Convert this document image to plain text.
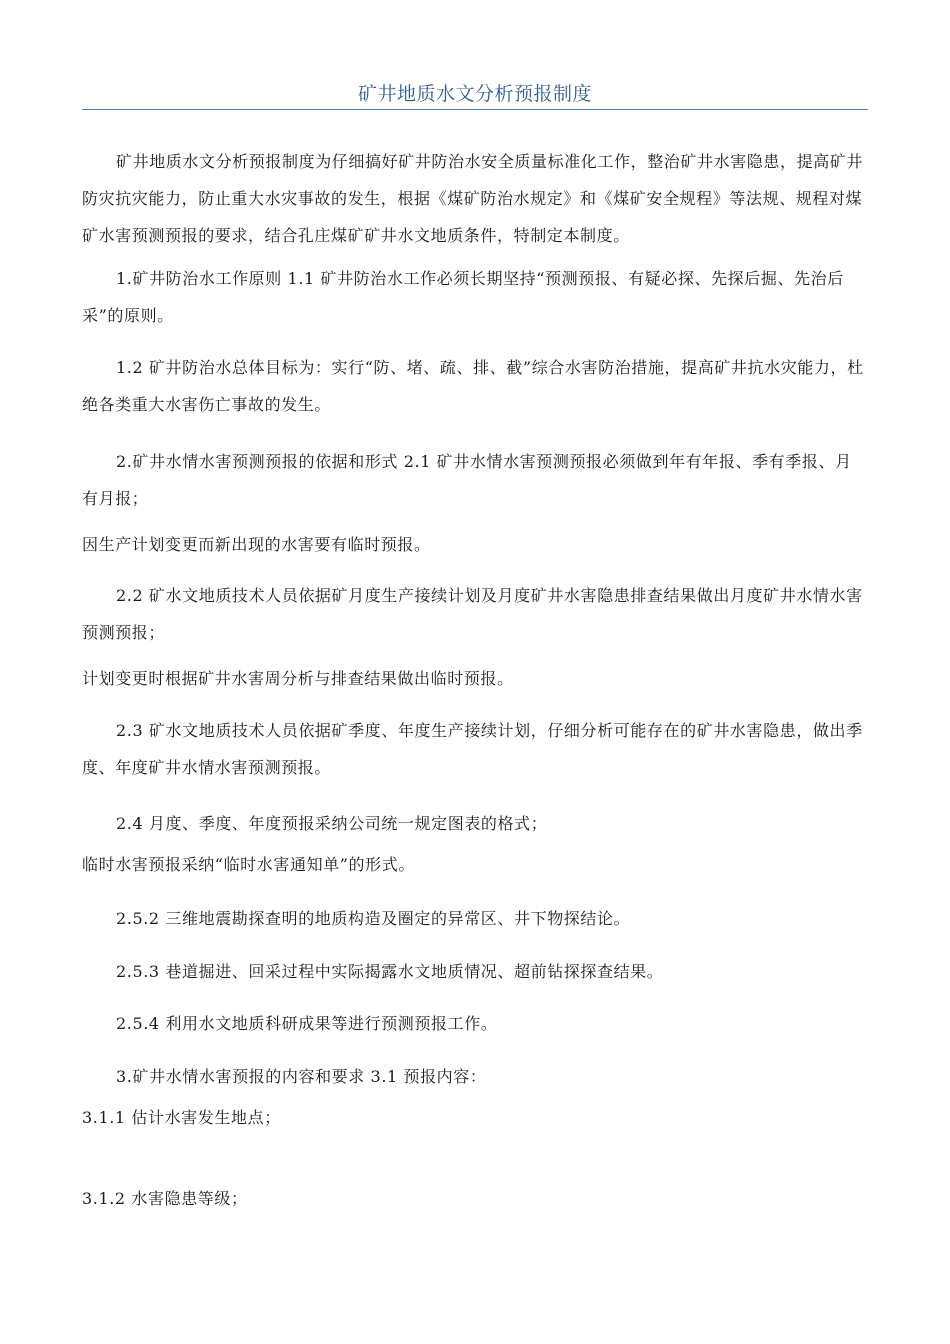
矿井地质水文分析预报制度

矿井地质水文分析预报制度为仔细搞好矿井防治水安全质量标准化工作，整治矿井水害隐患，提高矿井防灾抗灾能力，防止重大水灾事故的发生，根据《煤矿防治水规定》和《煤矿安全规程》等法规、规程对煤矿水害预测预报的要求，结合孔庄煤矿矿井水文地质条件，特制定本制度。

1.矿井防治水工作原则 1.1 矿井防治水工作必须长期坚持“预测预报、有疑必探、先探后掘、先治后采”的原则。

1.2 矿井防治水总体目标为：实行“防、堵、疏、排、截”综合水害防治措施，提高矿井抗水灾能力，杜绝各类重大水害伤亡事故的发生。

2.矿井水情水害预测预报的依据和形式 2.1 矿井水情水害预测预报必须做到年有年报、季有季报、月有月报；

因生产计划变更而新出现的水害要有临时预报。

2.2 矿水文地质技术人员依据矿月度生产接续计划及月度矿井水害隐患排查结果做出月度矿井水情水害预测预报；

计划变更时根据矿井水害周分析与排查结果做出临时预报。

2.3 矿水文地质技术人员依据矿季度、年度生产接续计划，仔细分析可能存在的矿井水害隐患，做出季度、年度矿井水情水害预测预报。

2.4 月度、季度、年度预报采纳公司统一规定图表的格式；

临时水害预报采纳“临时水害通知单”的形式。

2.5.2 三维地震勘探查明的地质构造及圈定的异常区、井下物探结论。

2.5.3 巷道掘进、回采过程中实际揭露水文地质情况、超前钻探探查结果。

2.5.4 利用水文地质科研成果等进行预测预报工作。

3.矿井水情水害预报的内容和要求 3.1 预报内容：

3.1.1 估计水害发生地点；

3.1.2 水害隐患等级；
